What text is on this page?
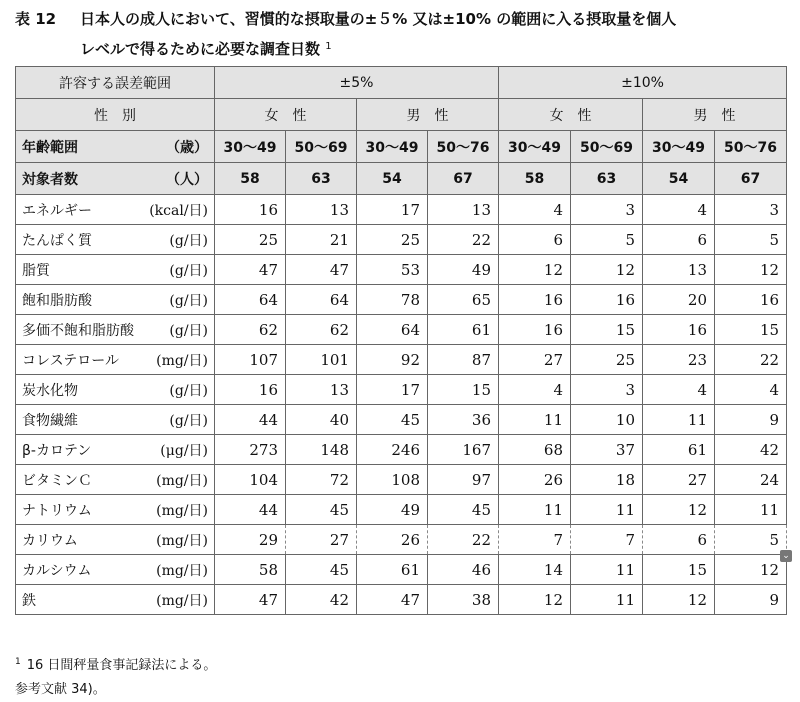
表 12 日本人の成人において、習慣的な摂取量の±５% 又は±10% の範囲に入る摂取量を個人
レベルで得るために必要な調査日数 $^1$
許容する誤差範囲	±5%				±10%			

性　別	女　性		男　性		女　性		男　性	

年齢範囲 （歳）	30～49	50～69	30～49	50～76	30～49	50～69	30～49	50～76

対象者数 （人）	58	63	54	67	58	63	54	67

エネルギー (kcal/日)	16	13	17	13	4	3	4	3

たんぱく質 (g/日)	25	21	25	22	6	5	6	5

脂質 (g/日)	47	47	53	49	12	12	13	12

飽和脂肪酸 (g/日)	64	64	78	65	16	16	20	16

多価不飽和脂肪酸 (g/日)	62	62	64	61	16	15	16	15

コレステロール (mg/日)	107	101	92	87	27	25	23	22

炭水化物 (g/日)	16	13	17	15	4	3	4	4

食物繊維 (g/日)	44	40	45	36	11	10	11	9

β-カロテン (μg/日)	273	148	246	167	68	37	61	42

ビタミンＣ (mg/日)	104	72	108	97	26	18	27	24

ナトリウム (mg/日)	44	45	49	45	11	11	12	11

カリウム (mg/日)	29	27	26	22	7	7	6	5

カルシウム (mg/日)	58	45	61	46	14	11	15	12

鉄 (mg/日)	47	42	47	38	12	11	12	9
⌄
$^1$ 16 日間秤量食事記録法による。
参考文献 34)。
